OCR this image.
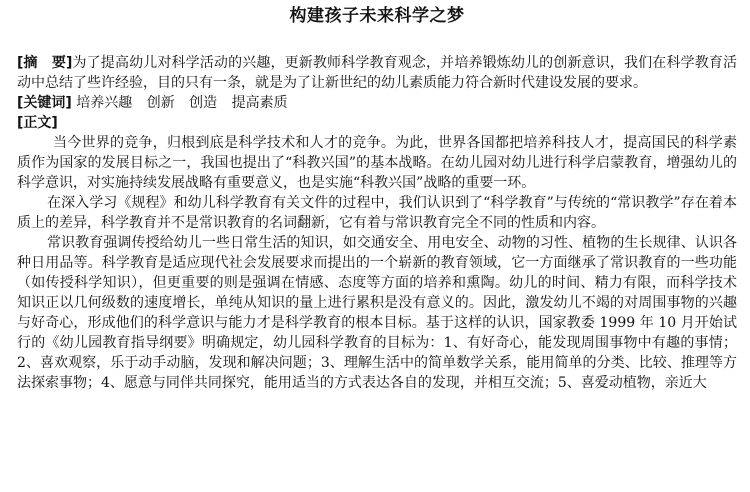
构建孩子未来科学之梦

[摘　要]为了提高幼儿对科学活动的兴趣，更新教师科学教育观念，并培养锻炼幼儿的创新意识，我们在科学教育活动中总结了些许经验，目的只有一条，就是为了让新世纪的幼儿素质能力符合新时代建设发展的要求。

[关键词] 培养兴趣 创新 创造 提高素质
[正文]

当今世界的竞争，归根到底是科学技术和人才的竞争。为此，世界各国都把培养科技人才，提高国民的科学素质作为国家的发展目标之一，我国也提出了“科教兴国”的基本战略。在幼儿园对幼儿进行科学启蒙教育，增强幼儿的科学意识，对实施持续发展战略有重要意义，也是实施“科教兴国”战略的重要一环。

在深入学习《规程》和幼儿科学教育有关文件的过程中，我们认识到了“科学教育”与传统的“常识教学”存在着本质上的差异，科学教育并不是常识教育的名词翻新，它有着与常识教育完全不同的性质和内容。

常识教育强调传授给幼儿一些日常生活的知识，如交通安全、用电安全、动物的习性、植物的生长规律、认识各种日用品等。科学教育是适应现代社会发展要求而提出的一个崭新的教育领域，它一方面继承了常识教育的一些功能（如传授科学知识），但更重要的则是强调在情感、态度等方面的培养和熏陶。幼儿的时间、精力有限，而科学技术知识正以几何级数的速度增长，单纯从知识的量上进行累积是没有意义的。因此，激发幼儿不竭的对周围事物的兴趣与好奇心，形成他们的科学意识与能力才是科学教育的根本目标。基于这样的认识，国家教委 1999 年 10 月开始试行的《幼儿园教育指导纲要》明确规定，幼儿园科学教育的目标为：1、有好奇心，能发现周围事物中有趣的事情；2、喜欢观察，乐于动手动脑，发现和解决问题；3、理解生活中的简单数学关系，能用简单的分类、比较、推理等方法探索事物；4、愿意与同伴共同探究，能用适当的方式表达各自的发现，并相互交流；5、喜爱动植物，亲近大
